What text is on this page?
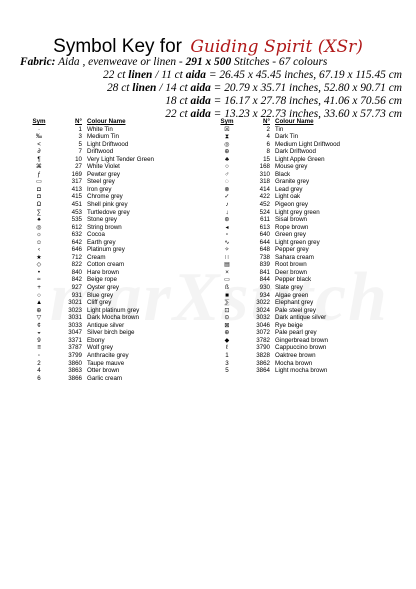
Symbol Key for Guiding Spirit (XSr)
Fabric: Aida , evenweave or linen - 291 x 500 Stitches - 67 colours
22 ct linen / 11 ct aida = 26.45 x 45.45 inches, 67.19 x 115.45 cm
28 ct linen / 14 ct aida = 20.79 x 35.71 inches, 52.80 x 90.71 cm
18 ct aida = 16.17 x 27.78 inches, 41.06 x 70.56 cm
22 ct aida = 13.23 x 22.73 inches, 33.60 x 57.73 cm
Sym	N° Colour Name
·	1 White Tin
‰	3 Medium Tin
<	5 Light Driftwood
∂	7 Driftwood
¶	10 Very Light Tender Green
⌘	27 White Violet
ƒ	169 Pewter grey
▭	317 Steel grey
◘	413 Iron grey
◘	415 Chrome grey
Ω	451 Shell pink grey
∑	453 Turtledove grey
♠	535 Stone grey
◎	612 String brown
☼	632 Cocoa
☺	642 Earth grey
‹	646 Platinum grey
★	712 Cream
◇	822 Cotton cream
•	840 Hare brown
≈	842 Beige rope
+	927 Oyster grey
○	931 Blue grey
▲	3021 Cliff grey
⊕	3023 Light platinum grey
▽	3031 Dark Mocha brown
¢	3033 Antique silver
◒	3047 Silver birch beige
9	3371 Ebony
≡	3787 Wolf grey
◦	3799 Anthracite grey
2	3860 Taupe mauve
4	3863 Otter brown
6	3866 Garlic cream
Sym	N° Colour Name
☒	2 Tin
⧗	4 Dark Tin
◎	6 Medium Light Driftwood
⊕	8 Dark Driftwood
♣	15 Light Apple Green
○	168 Mouse grey
♂	310 Black
◌	318 Granite grey
⊗	414 Lead grey
✓	422 Light oak
♪	452 Pigeon grey
↓	524 Light grey green
⊛	611 Sisal brown
◂	613 Rope brown
▫	640 Green grey
∿	644 Light green grey
✧	648 Pepper grey
∷	738 Sahara cream
▤	839 Root brown
×	841 Deer brown
▭	844 Pepper black
ß	930 Slate grey
■	934 Algae green
⅀	3022 Elephant grey
⊡	3024 Pale steel grey
⊙	3032 Dark antique silver
⊠	3046 Rye beige
⊕	3072 Pale pearl grey
◆	3782 Gingerbread brown
ℓ	3790 Cappuccino brown
1	3828 Oaktree brown
3	3862 Mocha brown
5	3864 Light mocha brown
